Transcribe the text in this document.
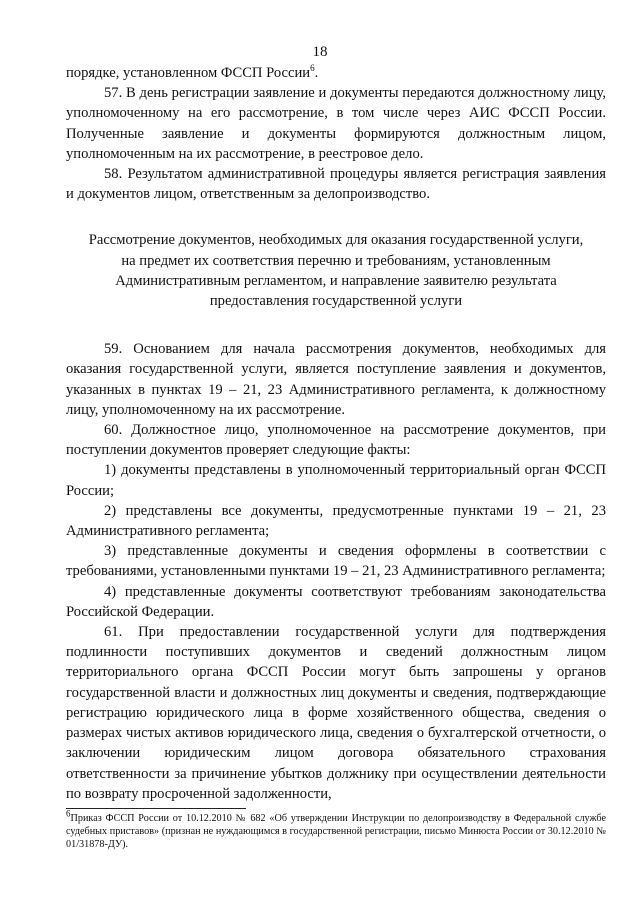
18

порядке, установленном ФССП России$^6$.

57. В день регистрации заявление и документы передаются должностному лицу, уполномоченному на его рассмотрение, в том числе через АИС ФССП России. Полученные заявление и документы формируются должностным лицом, уполномоченным на их рассмотрение, в реестровое дело.

58. Результатом административной процедуры является регистрация заявления и документов лицом, ответственным за делопроизводство.

Рассмотрение документов, необходимых для оказания государственной услуги, на предмет их соответствия перечню и требованиям, установленным Административным регламентом, и направление заявителю результата предоставления государственной услуги

59. Основанием для начала рассмотрения документов, необходимых для оказания государственной услуги, является поступление заявления и документов, указанных в пунктах 19 – 21, 23 Административного регламента, к должностному лицу, уполномоченному на их рассмотрение.

60. Должностное лицо, уполномоченное на рассмотрение документов, при поступлении документов проверяет следующие факты:

1) документы представлены в уполномоченный территориальный орган ФССП России;

2) представлены все документы, предусмотренные пунктами 19 – 21, 23 Административного регламента;

3) представленные документы и сведения оформлены в соответствии с требованиями, установленными пунктами 19 – 21, 23 Административного регламента;

4) представленные документы соответствуют требованиям законодательства Российской Федерации.

61. При предоставлении государственной услуги для подтверждения подлинности поступивших документов и сведений должностным лицом территориального органа ФССП России могут быть запрошены у органов государственной власти и должностных лиц документы и сведения, подтверждающие регистрацию юридического лица в форме хозяйственного общества, сведения о размерах чистых активов юридического лица, сведения о бухгалтерской отчетности, о заключении юридическим лицом договора обязательного страхования ответственности за причинение убытков должнику при осуществлении деятельности по возврату просроченной задолженности,

$^6$Приказ ФССП России от 10.12.2010 № 682 «Об утверждении Инструкции по делопроизводству в Федеральной службе судебных приставов» (признан не нуждающимся в государственной регистрации, письмо Минюста России от 30.12.2010 № 01/31878-ДУ).
